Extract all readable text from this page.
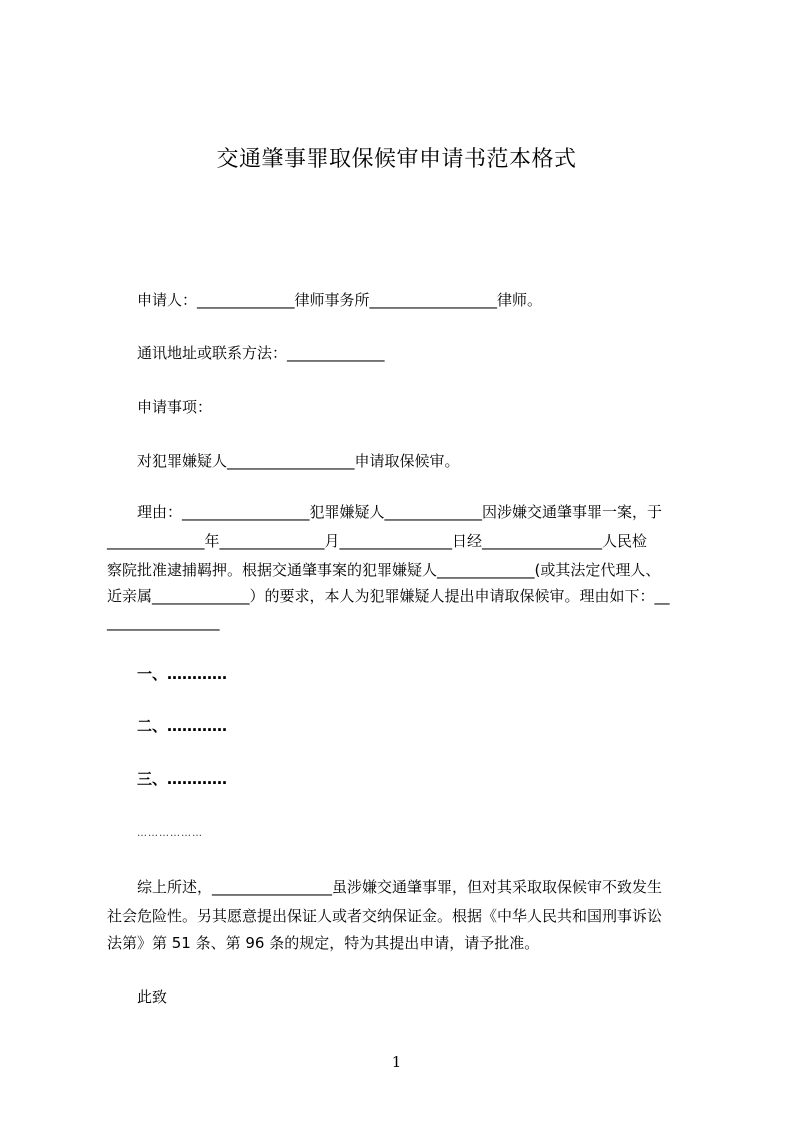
交通肇事罪取保候审申请书范本格式
申请人：_____________律师事务所_________________律师。
通讯地址或联系方法：_____________
申请事项：
对犯罪嫌疑人_________________申请取保候审。
理由：_________________犯罪嫌疑人_____________因涉嫌交通肇事罪一案，于
_____________年______________月_______________日经________________人民检
察院批准逮捕羁押。根据交通肇事案的犯罪嫌疑人_____________(或其法定代理人、
近亲属_____________）的要求，本人为犯罪嫌疑人提出申请取保候审。理由如下：__
_______________
一、…………
二、…………
三、…………
………………
综上所述，________________虽涉嫌交通肇事罪，但对其采取取保候审不致发生
社会危险性。另其愿意提出保证人或者交纳保证金。根据《中华人民共和国刑事诉讼
法第》第 51 条、第 96 条的规定，特为其提出申请，请予批准。
此致
1
